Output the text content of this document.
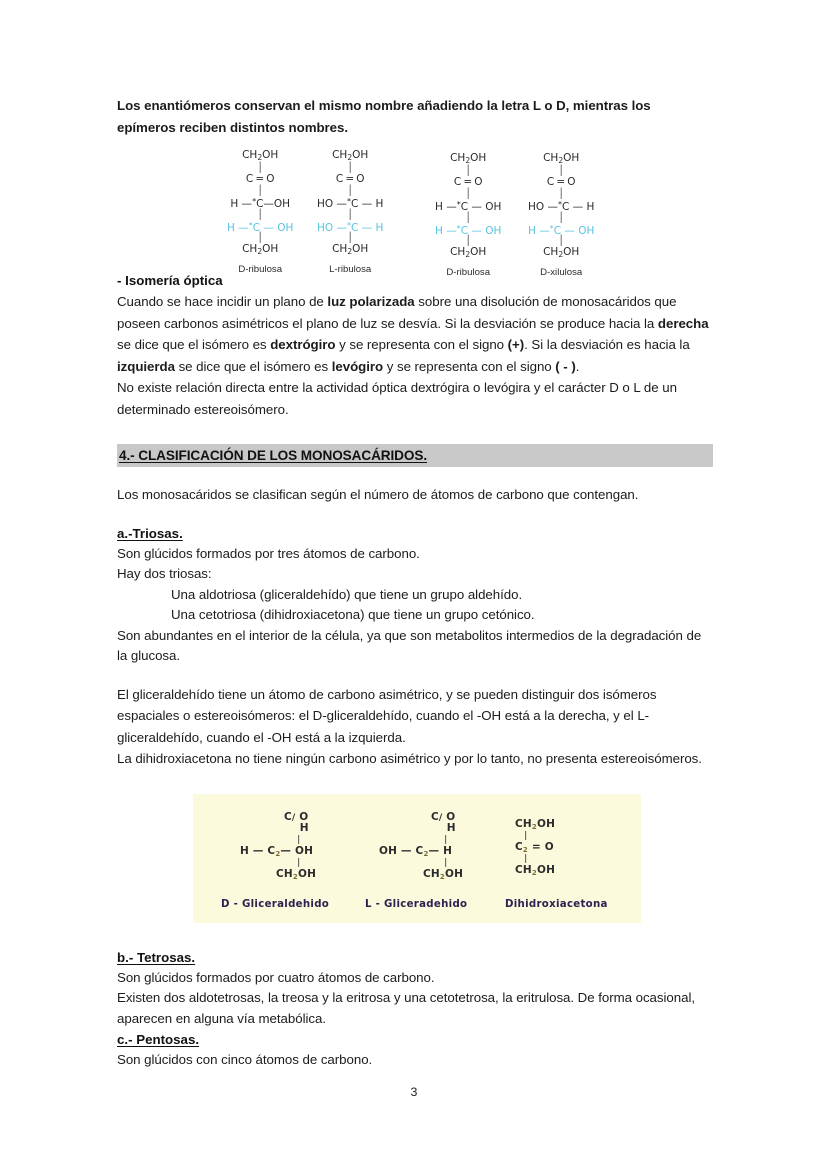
Los enantiómeros conservan el mismo nombre añadiendo la letra L o D, mientras los
epímeros reciben distintos nombres.

$CH_2OH$
|
C = O
|
H —*C—OH
|
H —*C — OH
|
$CH_2OH$
D-ribulosa
$CH_2OH$
|
C = O
|
HO —*C — H
|
HO —*C — H
|
$CH_2OH$
L-ribulosa
$CH_2OH$
|
C = O
|
H —*C — OH
|
H —*C — OH
|
$CH_2OH$
D-ribulosa
$CH_2OH$
|
C = O
|
HO —*C — H
|
H —*C — OH
|
$CH_2OH$
D-xilulosa
- Isomería óptica

Cuando se hace incidir un plano de luz polarizada sobre una disolución de monosacáridos que poseen carbonos asimétricos el plano de luz se desvía. Si la desviación se produce hacia la derecha se dice que el isómero es dextrógiro y se representa con el signo (+). Si la desviación es hacia la izquierda se dice que el isómero es levógiro y se representa con el signo ( - ).

No existe relación directa entre la actividad óptica dextrógira o levógira y el carácter D o L de un determinado estereoisómero.

4.- CLASIFICACIÓN DE LOS MONOSACÁRIDOS.

Los monosacáridos se clasifican según el número de átomos de carbono que contengan.

a.-Triosas.

Son glúcidos formados por tres átomos de carbono.

Hay dos triosas:

Una aldotriosa (gliceraldehído) que tiene un grupo aldehído.

Una cetotriosa (dihidroxiacetona) que tiene un grupo cetónico.

Son abundantes en el interior de la célula, ya que son metabolitos intermedios de la degradación de la glucosa.

El gliceraldehído tiene un átomo de carbono asimétrico, y se pueden distinguir dos isómeros espaciales o estereoisómeros: el D-gliceraldehído, cuando el -OH está a la derecha, y el L-gliceraldehído, cuando el -OH está a la izquierda.

La dihidroxiacetona no tiene ningún carbono asimétrico y por lo tanto, no presenta estereoisómeros.

C∕ O
H
|
H — $C_2—$ OH
|
$CH_2OH$
C∕ O
H
|
OH — $C_2—$ H
|
$CH_2OH$
$CH_2OH$
|
$C_2 = O$
|
$CH_2OH$
D - Gliceraldehido	L - Gliceradehido	Dihidroxiacetona
b.- Tetrosas.

Son glúcidos formados por cuatro átomos de carbono.

Existen dos aldotetrosas, la treosa y la eritrosa y una cetotetrosa, la eritrulosa. De forma ocasional, aparecen en alguna vía metabólica.

c.- Pentosas.

Son glúcidos con cinco átomos de carbono.

3
